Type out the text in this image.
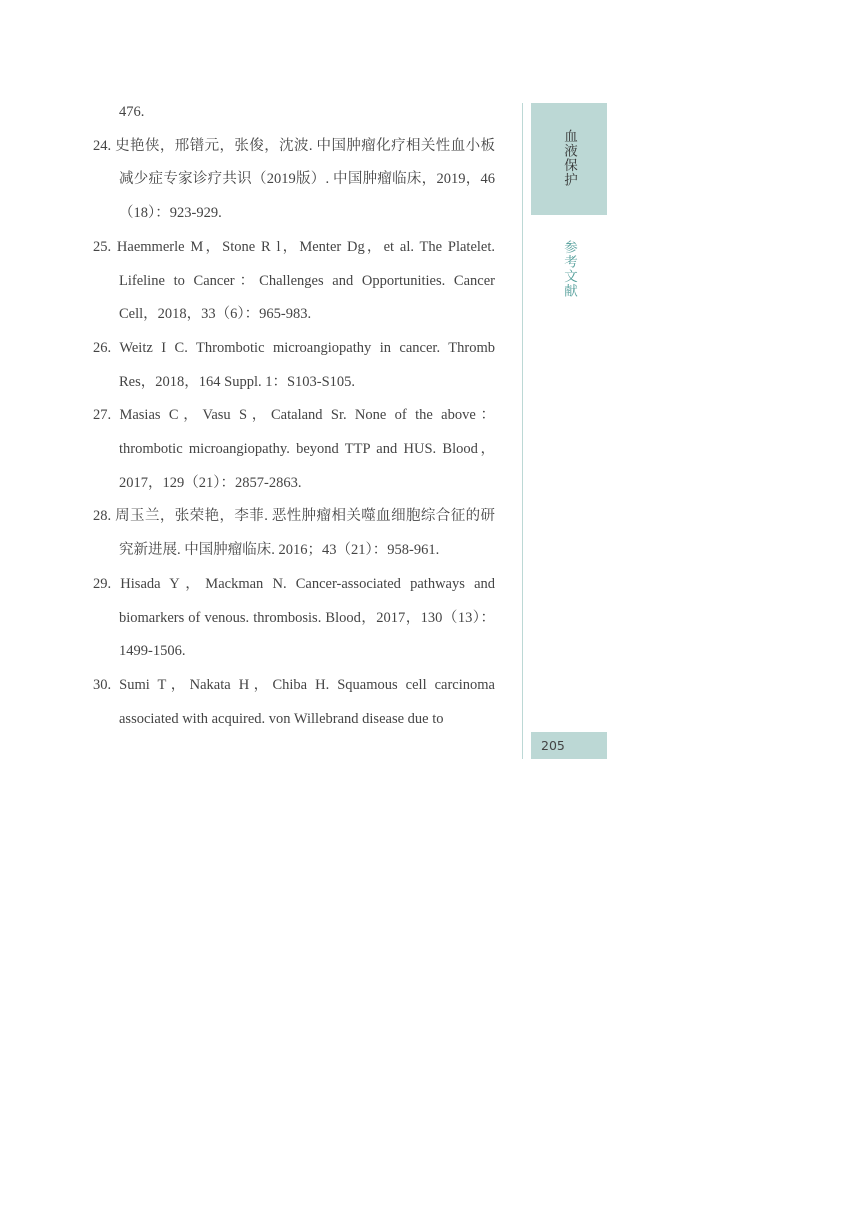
476.
24. 史艳侠，邢镨元，张俊，沈波. 中国肿瘤化疗相关性血小板减少症专家诊疗共识（2019版）. 中国肿瘤临床，2019，46（18）：923-929.
25. Haemmerle M，Stone R l，Menter Dg，et al. The Platelet. Lifeline to Cancer：Challenges and Opportunities. Cancer Cell，2018，33（6）：965-983.
26. Weitz I C. Thrombotic microangiopathy in cancer. Thromb Res，2018，164 Suppl. 1：S103-S105.
27. Masias C，Vasu S，Cataland Sr. None of the above：thrombotic microangiopathy. beyond TTP and HUS. Blood，2017，129（21）：2857-2863.
28. 周玉兰，张荣艳，李菲. 恶性肿瘤相关噬血细胞综合征的研究新进展. 中国肿瘤临床. 2016；43（21）：958-961.
29. Hisada Y，Mackman N. Cancer-associated pathways and biomarkers of venous. thrombosis. Blood，2017，130（13）：1499-1506.
30. Sumi T，Nakata H，Chiba H. Squamous cell carcinoma associated with acquired. von Willebrand disease due to
血液保护
参考文献
205
